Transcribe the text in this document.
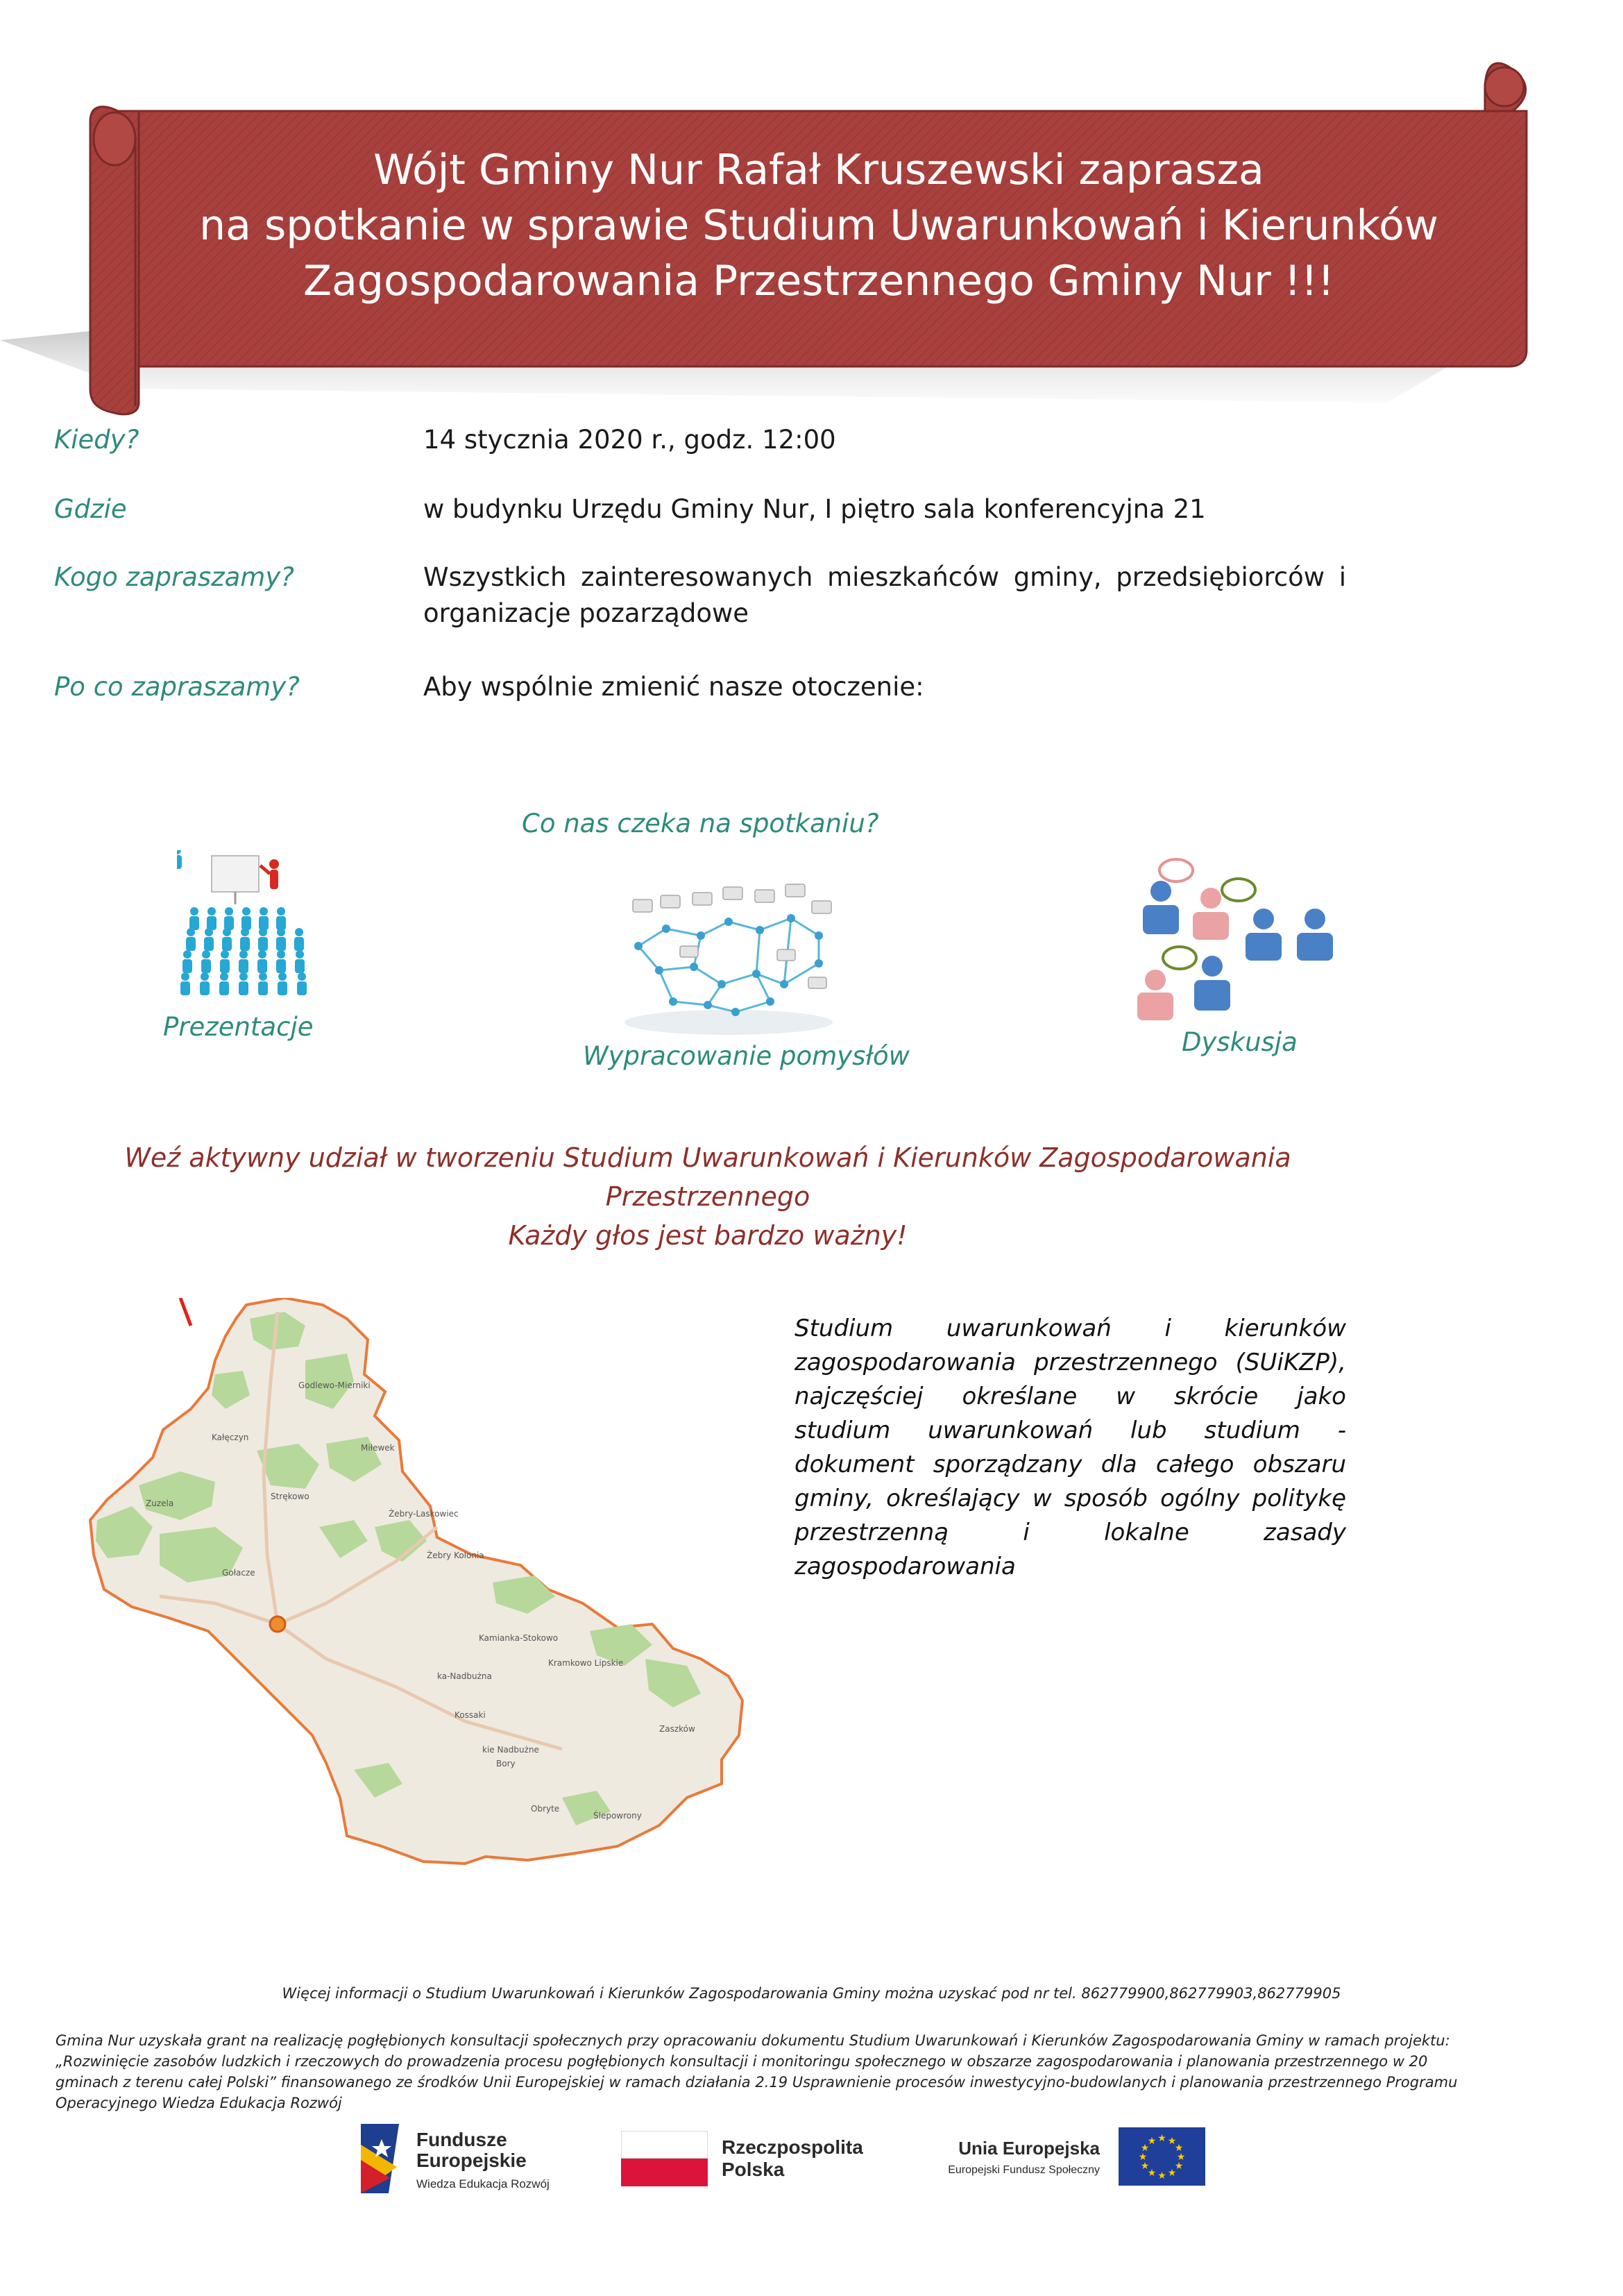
Wójt Gminy Nur Rafał Kruszewski zaprasza
na spotkanie w sprawie Studium Uwarunkowań i Kierunków
Zagospodarowania Przestrzennego Gminy Nur !!!
Kiedy?	14 stycznia 2020 r., godz. 12:00
Gdzie	w budynku Urzędu Gminy Nur, I piętro sala konferencyjna 21
Kogo zapraszamy?	Wszystkich zainteresowanych mieszkańców gminy, przedsiębiorców i organizacje pozarządowe
Po co zapraszamy?	Aby wspólnie zmienić nasze otoczenie:
Co nas czeka na spotkaniu?
Prezentacje
Wypracowanie pomysłów	Dyskusja
Weź aktywny udział w tworzeniu Studium Uwarunkowań i Kierunków Zagospodarowania
Przestrzennego
Każdy głos jest bardzo ważny!
Godlewo-Mierniki
Kałęczyn
Miłewek
Strękowo
Żebry-Laskowiec
Zuzela
Żebry Kolonia
Gołacze
Kamianka-Stokowo
Kramkowo Lipskie
ka-Nadbużna
Kossaki
Zaszków
kie Nadbużne
Obryte
Ślepowrony
Bory
Studium uwarunkowań i kierunków
zagospodarowania przestrzennego (SUiKZP),
najczęściej określane w skrócie jako
studium uwarunkowań lub studium -
dokument sporządzany dla całego obszaru
gminy, określający w sposób ogólny politykę
przestrzenną i lokalne zasady
zagospodarowania
Więcej informacji o Studium Uwarunkowań i Kierunków Zagospodarowania Gminy można uzyskać pod nr tel. 862779900,862779903,862779905
Gmina Nur uzyskała grant na realizację pogłębionych konsultacji społecznych przy opracowaniu dokumentu Studium Uwarunkowań i Kierunków Zagospodarowania Gminy w ramach projektu:
„Rozwinięcie zasobów ludzkich i rzeczowych do prowadzenia procesu pogłębionych konsultacji i monitoringu społecznego w obszarze zagospodarowania i planowania przestrzennego w 20
gminach z terenu całej Polski” finansowanego ze środków Unii Europejskiej w ramach działania 2.19 Usprawnienie procesów inwestycyjno-budowlanych i planowania przestrzennego Programu
Operacyjnego Wiedza Edukacja Rozwój
Fundusze
Europejskie
Wiedza Edukacja Rozwój
Rzeczpospolita
Polska
Unia Europejska
Europejski Fundusz Społeczny
★ ★
★
★
★
★
★
★
★
★
★
★
